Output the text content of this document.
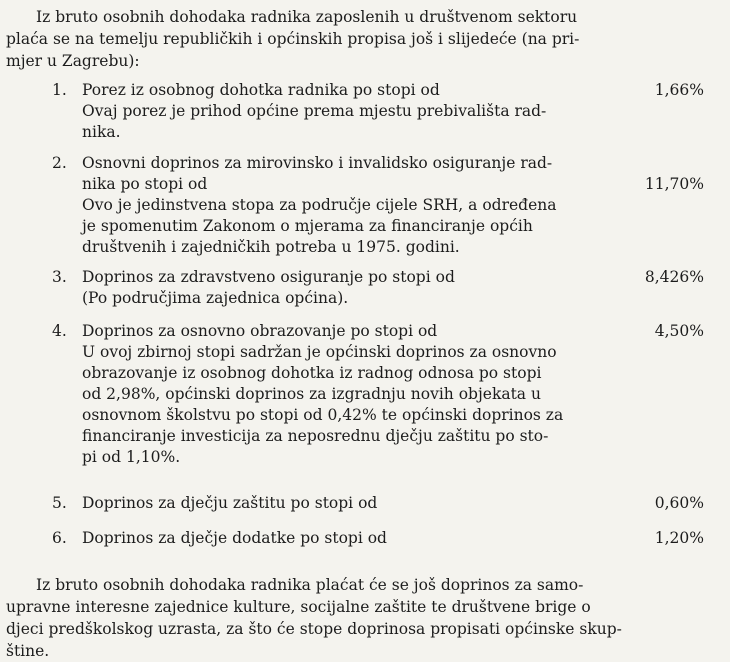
Iz bruto osobnih dohodaka radnika zaposlenih u društvenom sektoru
plaća se na temelju republičkih i općinskih propisa još i slijedeće (na pri-
mjer u Zagrebu):
1. Porez iz osobnog dohotka radnika po stopi od
Ovaj porez je prihod općine prema mjestu prebivališta rad-
nika.
1,66%
2. Osnovni doprinos za mirovinsko i invalidsko osiguranje rad-
nika po stopi od
Ovo je jedinstvena stopa za područje cijele SRH, a određena
je spomenutim Zakonom o mjerama za financiranje općih
društvenih i zajedničkih potreba u 1975. godini.
11,70%
3. Doprinos za zdravstveno osiguranje po stopi od
(Po područjima zajednica općina).
8,426%
4. Doprinos za osnovno obrazovanje po stopi od
U ovoj zbirnoj stopi sadržan je općinski doprinos za osnovno
obrazovanje iz osobnog dohotka iz radnog odnosa po stopi
od 2,98%, općinski doprinos za izgradnju novih objekata u
osnovnom školstvu po stopi od 0,42% te općinski doprinos za
financiranje investicija za neposrednu dječju zaštitu po sto-
pi od 1,10%.
4,50%
5. Doprinos za dječju zaštitu po stopi od	0,60%
6. Doprinos za dječje dodatke po stopi od	1,20%
Iz bruto osobnih dohodaka radnika plaćat će se još doprinos za samo-
upravne interesne zajednice kulture, socijalne zaštite te društvene brige o
djeci predškolskog uzrasta, za što će stope doprinosa propisati općinske skup-
štine.
